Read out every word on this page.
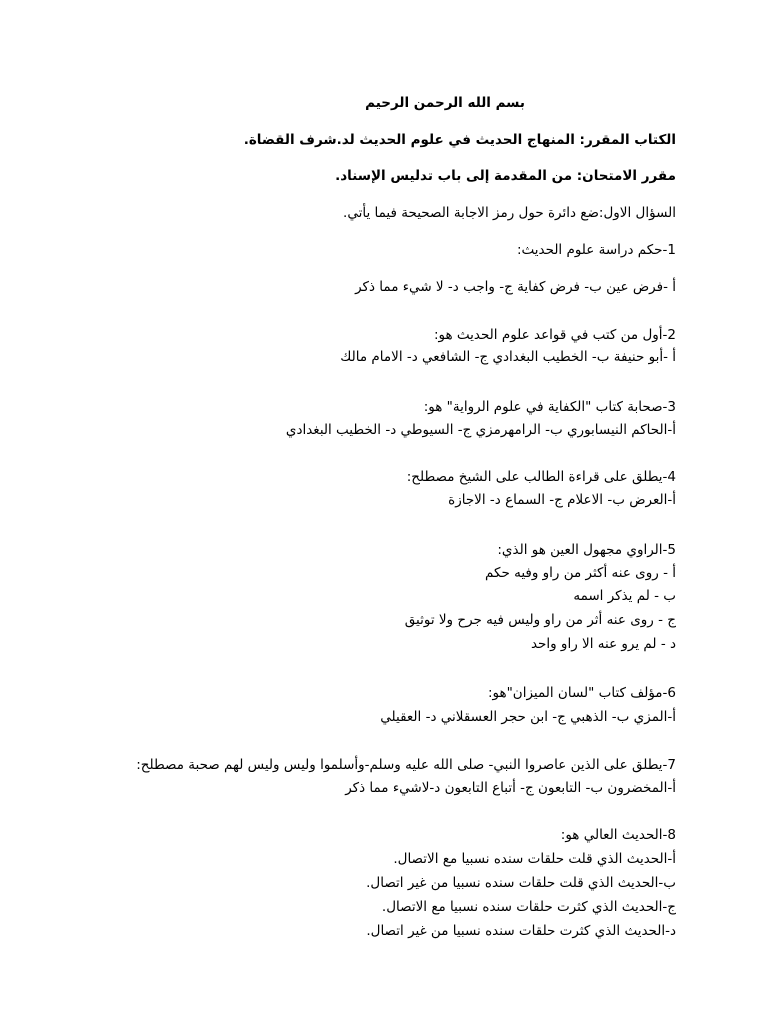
بسم الله الرحمن الرحيم
الكتاب المقرر: المنهاج الحديث في علوم الحديث لد.شرف القضاة.
مقرر الامتحان: من المقدمة إلى باب تدليس الإسناد.
السؤال الاول:ضع دائرة حول رمز الاجابة الصحيحة فيما يأتي.
1-حكم دراسة علوم الحديث:
أ -فرض عين ب- فرض كفاية ج- واجب د- لا شيء مما ذكر
2-أول من كتب في قواعد علوم الحديث هو:
أ -أبو حنيفة ب- الخطيب البغدادي ج- الشافعي د- الامام مالك
3-صحابة كتاب "الكفاية في علوم الرواية" هو:
أ-الحاكم النيسابوري ب- الرامهرمزي ج- السيوطي د- الخطيب البغدادي
4-يطلق على قراءة الطالب على الشيخ مصطلح:
أ-العرض ب- الاعلام ج- السماع د- الاجازة
5-الراوي مجهول العين هو الذي:
أ - روى عنه أكثر من راو وفيه حكم
ب - لم يذكر اسمه
ج - روى عنه أثر من راو وليس فيه جرح ولا توثيق
د - لم يرو عنه الا راو واحد
6-مؤلف كتاب "لسان الميزان"هو:
أ-المزي ب- الذهبي ج- ابن حجر العسقلاني د- العقيلي
7-يطلق على الذين عاصروا النبي- صلى الله عليه وسلم-وأسلموا وليس وليس لهم صحبة مصطلح:
أ-المخضرون ب- التابعون ج- أتباع التابعون د-لاشيء مما ذكر
8-الحديث العالي هو:
أ-الحديث الذي قلت حلقات سنده نسبيا مع الاتصال.
ب-الحديث الذي قلت حلقات سنده نسبيا من غير اتصال.
ج-الحديث الذي كثرت حلقات سنده نسبيا مع الاتصال.
د-الحديث الذي كثرت حلقات سنده نسبيا من غير اتصال.
